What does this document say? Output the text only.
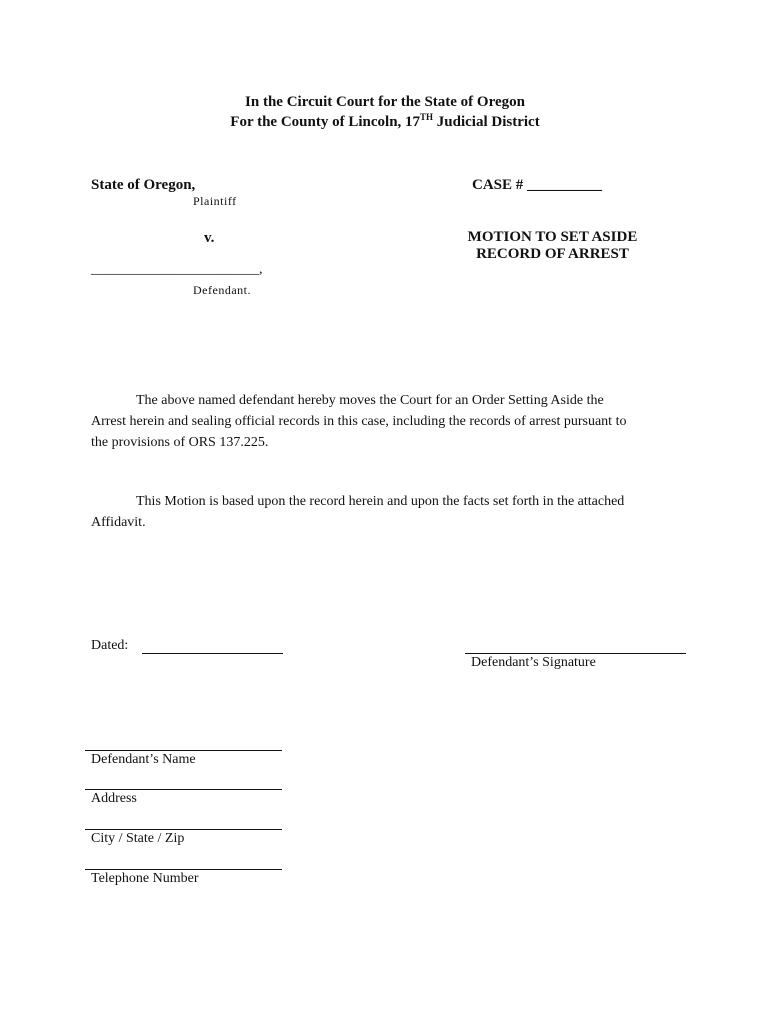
In the Circuit Court for the State of Oregon
For the County of Lincoln, 17TH Judicial District
State of Oregon,
Plaintiff
v.
________________________,
Defendant.
CASE # __________
MOTION TO SET ASIDE
RECORD OF ARREST
The above named defendant hereby moves the Court for an Order Setting Aside the
Arrest herein and sealing official records in this case, including the records of arrest pursuant to
the provisions of ORS 137.225.
This Motion is based upon the record herein and upon the facts set forth in the attached
Affidavit.
Dated:
Defendant’s Signature
Defendant’s Name
Address
City / State / Zip
Telephone Number
